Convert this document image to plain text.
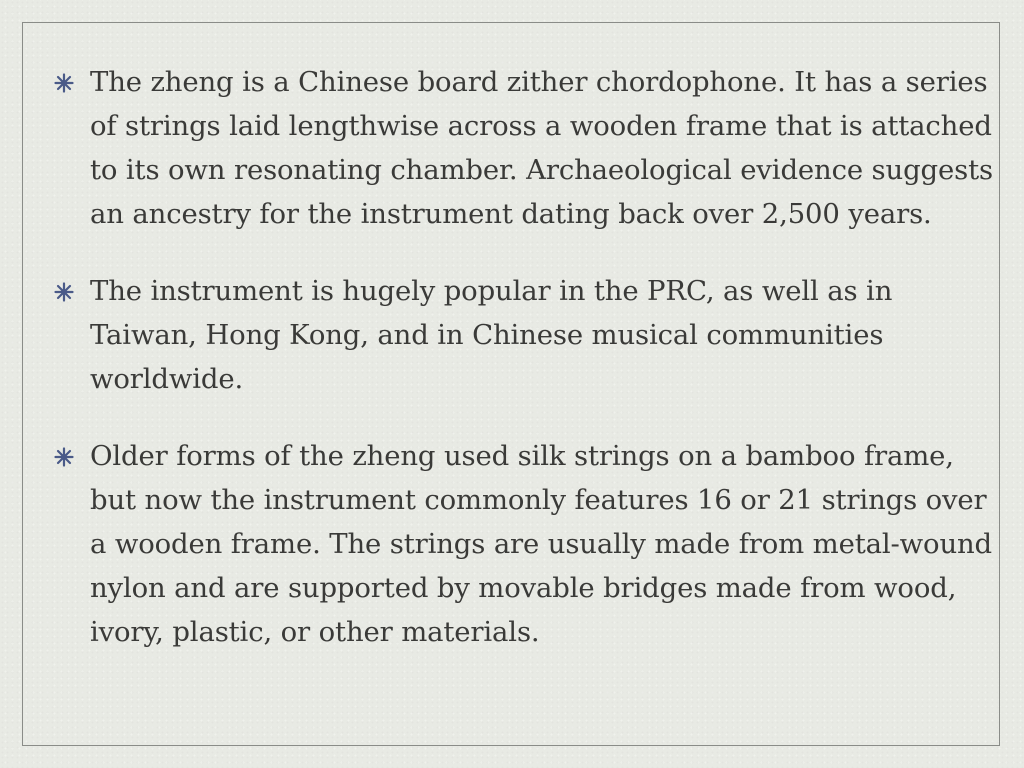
The zheng is a Chinese board zither chordophone. It has a series of strings laid lengthwise across a wooden frame that is attached to its own resonating chamber. Archaeological evidence suggests an ancestry for the instrument dating back over 2,500 years.
The instrument is hugely popular in the PRC, as well as in Taiwan, Hong Kong, and in Chinese musical communities worldwide.
Older forms of the zheng used silk strings on a bamboo frame, but now the instrument commonly features 16 or 21 strings over a wooden frame. The strings are usually made from metal-wound nylon and are supported by movable bridges made from wood, ivory, plastic, or other materials.
